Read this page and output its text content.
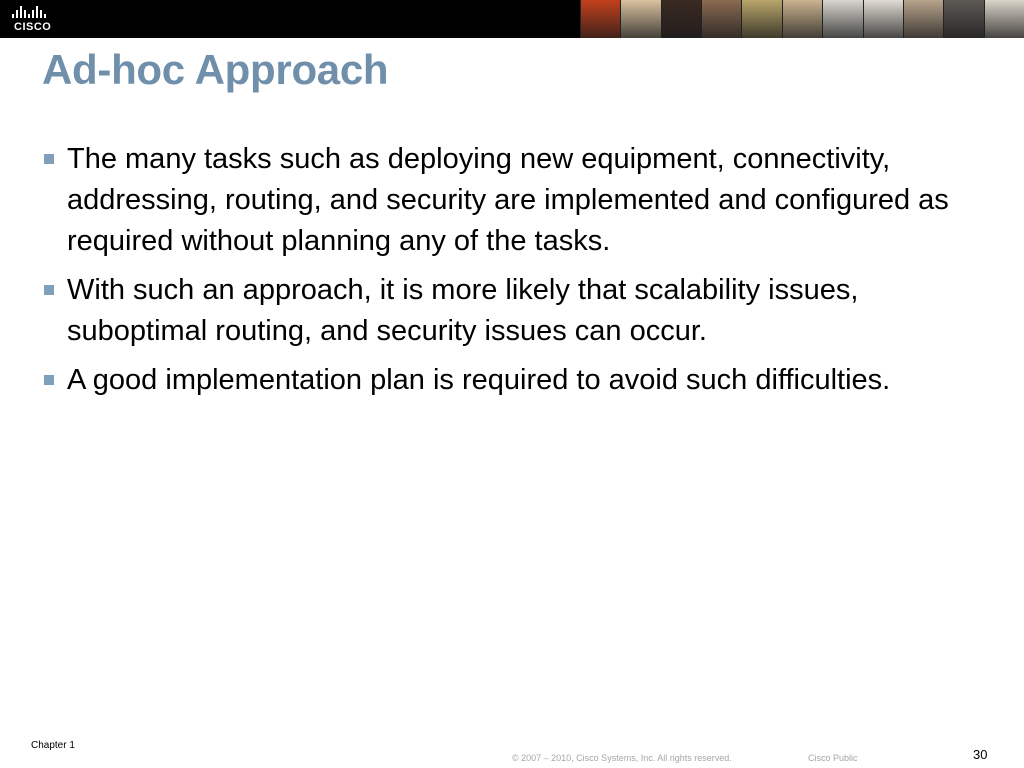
CISCO
Ad-hoc Approach
The many tasks such as deploying new equipment, connectivity, addressing, routing, and security are implemented and configured as required without planning any of the tasks.
With such an approach, it is more likely that scalability issues, suboptimal routing, and security issues can occur.
A good implementation plan is required to avoid such difficulties.
Chapter 1
© 2007 – 2010, Cisco Systems, Inc. All rights reserved.	Cisco Public	30
